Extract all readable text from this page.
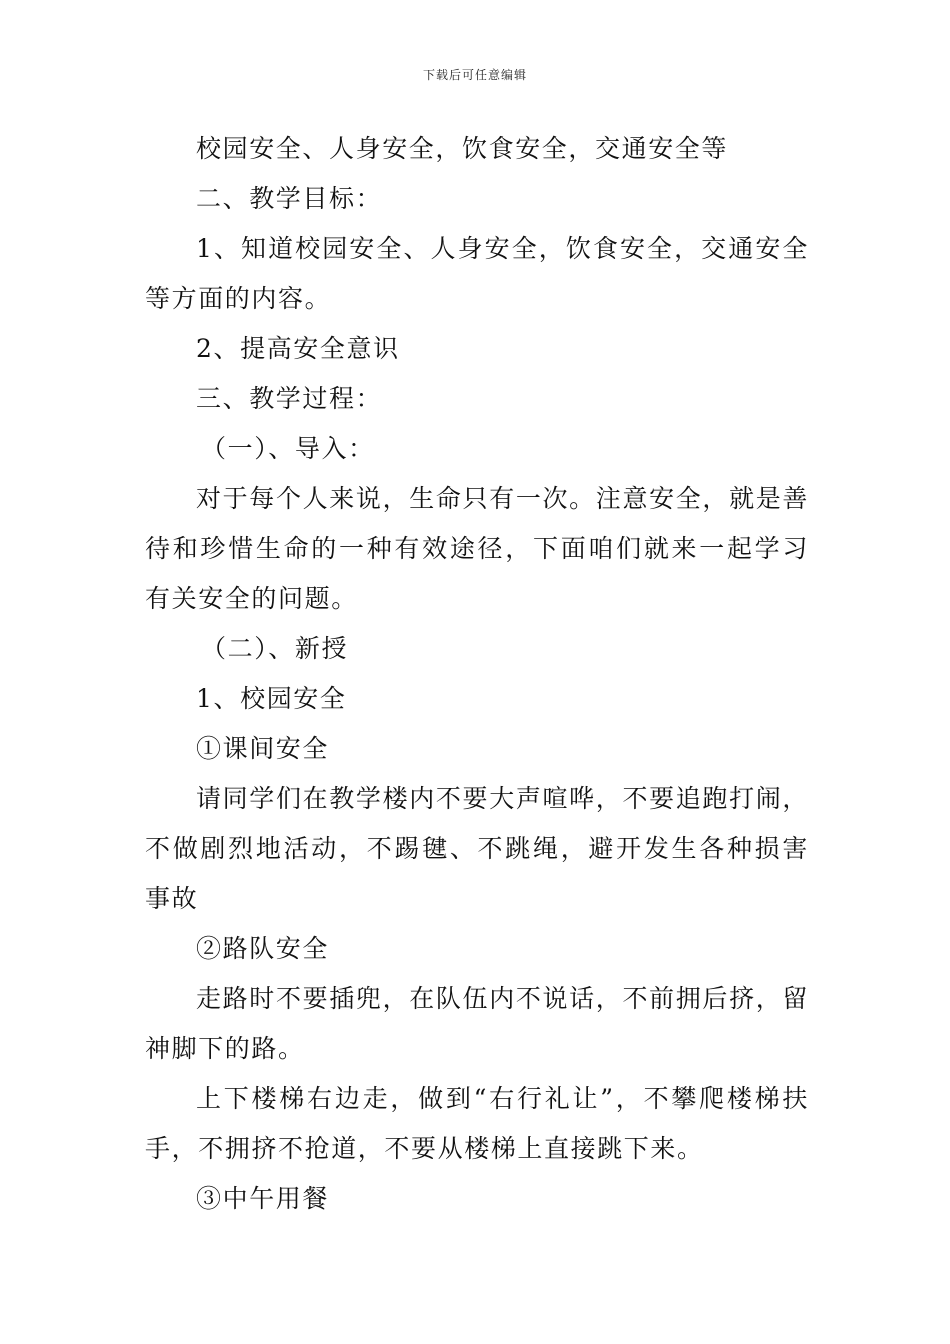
下载后可任意编辑

校园安全、人身安全，饮食安全，交通安全等

二、教学目标：

1、知道校园安全、人身安全，饮食安全，交通安全等方面的内容。

2、提高安全意识

三、教学过程：

（一）、导入：

对于每个人来说，生命只有一次。注意安全，就是善待和珍惜生命的一种有效途径，下面咱们就来一起学习有关安全的问题。

（二）、新授

1、校园安全

①课间安全

请同学们在教学楼内不要大声喧哗，不要追跑打闹，不做剧烈地活动，不踢毽、不跳绳，避开发生各种损害事故

②路队安全

走路时不要插兜，在队伍内不说话，不前拥后挤，留神脚下的路。

上下楼梯右边走，做到“右行礼让”，不攀爬楼梯扶手，不拥挤不抢道，不要从楼梯上直接跳下来。

③中午用餐
